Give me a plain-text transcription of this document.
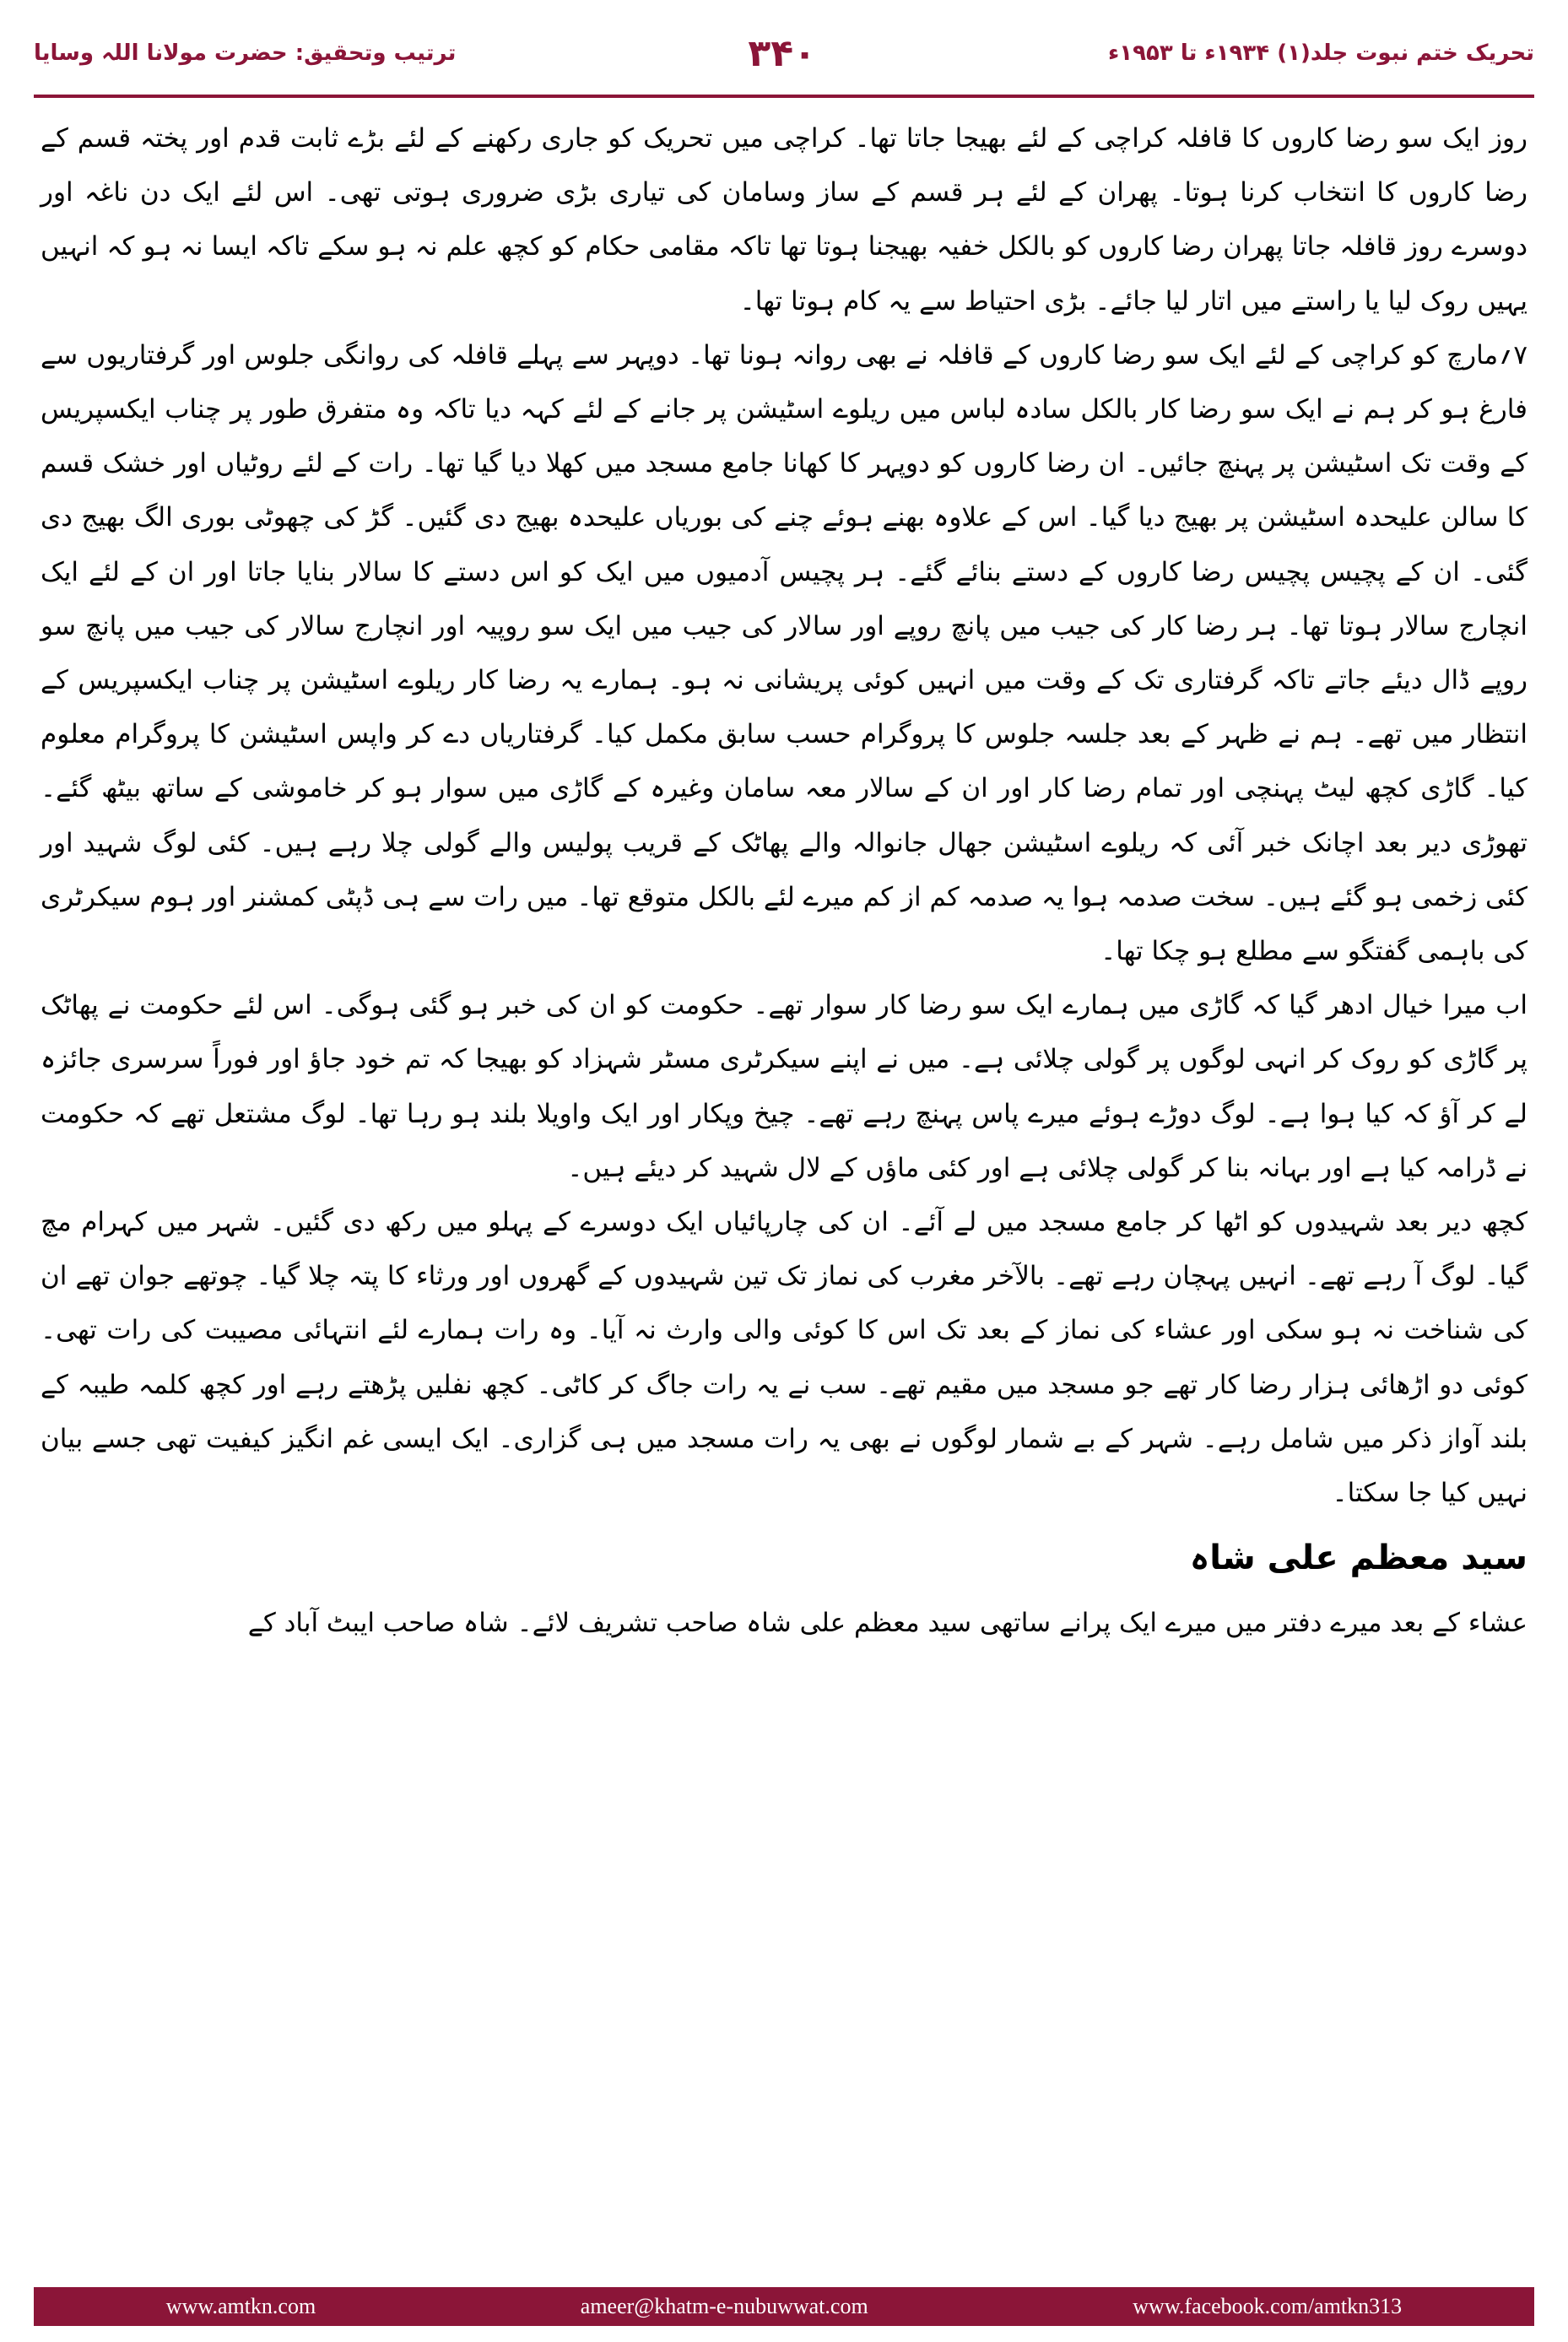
ترتیب وتحقیق: حضرت مولانا اللہ وسایا	۳۴۰	تحریک ختم نبوت جلد(۱) ۱۹۳۴ء تا ۱۹۵۳ء

روز ایک سو رضا کاروں کا قافلہ کراچی کے لئے بھیجا جاتا تھا۔ کراچی میں تحریک کو جاری رکھنے کے لئے بڑے ثابت قدم اور پختہ قسم کے رضا کاروں کا انتخاب کرنا ہوتا۔ پھران کے لئے ہر قسم کے ساز وسامان کی تیاری بڑی ضروری ہوتی تھی۔ اس لئے ایک دن ناغہ اور دوسرے روز قافلہ جاتا پھران رضا کاروں کو بالکل خفیہ بھیجنا ہوتا تھا تاکہ مقامی حکام کو کچھ علم نہ ہو سکے تاکہ ایسا نہ ہو کہ انہیں یہیں روک لیا یا راستے میں اتار لیا جائے۔ بڑی احتیاط سے یہ کام ہوتا تھا۔

۷؍مارچ کو کراچی کے لئے ایک سو رضا کاروں کے قافلہ نے بھی روانہ ہونا تھا۔ دوپہر سے پہلے قافلہ کی روانگی جلوس اور گرفتاریوں سے فارغ ہو کر ہم نے ایک سو رضا کار بالکل سادہ لباس میں ریلوے اسٹیشن پر جانے کے لئے کہہ دیا تاکہ وہ متفرق طور پر چناب ایکسپریس کے وقت تک اسٹیشن پر پہنچ جائیں۔ ان رضا کاروں کو دوپہر کا کھانا جامع مسجد میں کھلا دیا گیا تھا۔ رات کے لئے روٹیاں اور خشک قسم کا سالن علیحدہ اسٹیشن پر بھیج دیا گیا۔ اس کے علاوہ بھنے ہوئے چنے کی بوریاں علیحدہ بھیج دی گئیں۔ گڑ کی چھوٹی بوری الگ بھیج دی گئی۔ ان کے پچیس پچیس رضا کاروں کے دستے بنائے گئے۔ ہر پچیس آدمیوں میں ایک کو اس دستے کا سالار بنایا جاتا اور ان کے لئے ایک انچارج سالار ہوتا تھا۔ ہر رضا کار کی جیب میں پانچ روپے اور سالار کی جیب میں ایک سو روپیہ اور انچارج سالار کی جیب میں پانچ سو روپے ڈال دیئے جاتے تاکہ گرفتاری تک کے وقت میں انہیں کوئی پریشانی نہ ہو۔ ہمارے یہ رضا کار ریلوے اسٹیشن پر چناب ایکسپریس کے انتظار میں تھے۔ ہم نے ظہر کے بعد جلسہ جلوس کا پروگرام حسب سابق مکمل کیا۔ گرفتاریاں دے کر واپس اسٹیشن کا پروگرام معلوم کیا۔ گاڑی کچھ لیٹ پہنچی اور تمام رضا کار اور ان کے سالار معہ سامان وغیرہ کے گاڑی میں سوار ہو کر خاموشی کے ساتھ بیٹھ گئے۔ تھوڑی دیر بعد اچانک خبر آئی کہ ریلوے اسٹیشن جھال جانوالہ والے پھاٹک کے قریب پولیس والے گولی چلا رہے ہیں۔ کئی لوگ شہید اور کئی زخمی ہو گئے ہیں۔ سخت صدمہ ہوا یہ صدمہ کم از کم میرے لئے بالکل متوقع تھا۔ میں رات سے ہی ڈپٹی کمشنر اور ہوم سیکرٹری کی باہمی گفتگو سے مطلع ہو چکا تھا۔

اب میرا خیال ادھر گیا کہ گاڑی میں ہمارے ایک سو رضا کار سوار تھے۔ حکومت کو ان کی خبر ہو گئی ہوگی۔ اس لئے حکومت نے پھاٹک پر گاڑی کو روک کر انہی لوگوں پر گولی چلائی ہے۔ میں نے اپنے سیکرٹری مسٹر شہزاد کو بھیجا کہ تم خود جاؤ اور فوراً سرسری جائزہ لے کر آؤ کہ کیا ہوا ہے۔ لوگ دوڑے ہوئے میرے پاس پہنچ رہے تھے۔ چیخ وپکار اور ایک واویلا بلند ہو رہا تھا۔ لوگ مشتعل تھے کہ حکومت نے ڈرامہ کیا ہے اور بہانہ بنا کر گولی چلائی ہے اور کئی ماؤں کے لال شہید کر دیئے ہیں۔

کچھ دیر بعد شہیدوں کو اٹھا کر جامع مسجد میں لے آئے۔ ان کی چارپائیاں ایک دوسرے کے پہلو میں رکھ دی گئیں۔ شہر میں کہرام مچ گیا۔ لوگ آ رہے تھے۔ انہیں پہچان رہے تھے۔ بالآخر مغرب کی نماز تک تین شہیدوں کے گھروں اور ورثاء کا پتہ چلا گیا۔ چوتھے جوان تھے ان کی شناخت نہ ہو سکی اور عشاء کی نماز کے بعد تک اس کا کوئی والی وارث نہ آیا۔ وہ رات ہمارے لئے انتہائی مصیبت کی رات تھی۔ کوئی دو اڑھائی ہزار رضا کار تھے جو مسجد میں مقیم تھے۔ سب نے یہ رات جاگ کر کاٹی۔ کچھ نفلیں پڑھتے رہے اور کچھ کلمہ طیبہ کے بلند آواز ذکر میں شامل رہے۔ شہر کے بے شمار لوگوں نے بھی یہ رات مسجد میں ہی گزاری۔ ایک ایسی غم انگیز کیفیت تھی جسے بیان نہیں کیا جا سکتا۔

سید معظم علی شاہ

عشاء کے بعد میرے دفتر میں میرے ایک پرانے ساتھی سید معظم علی شاہ صاحب تشریف لائے۔ شاہ صاحب ایبٹ آباد کے

www.amtkn.com	ameer@khatm-e-nubuwwat.com	www.facebook.com/amtkn313
